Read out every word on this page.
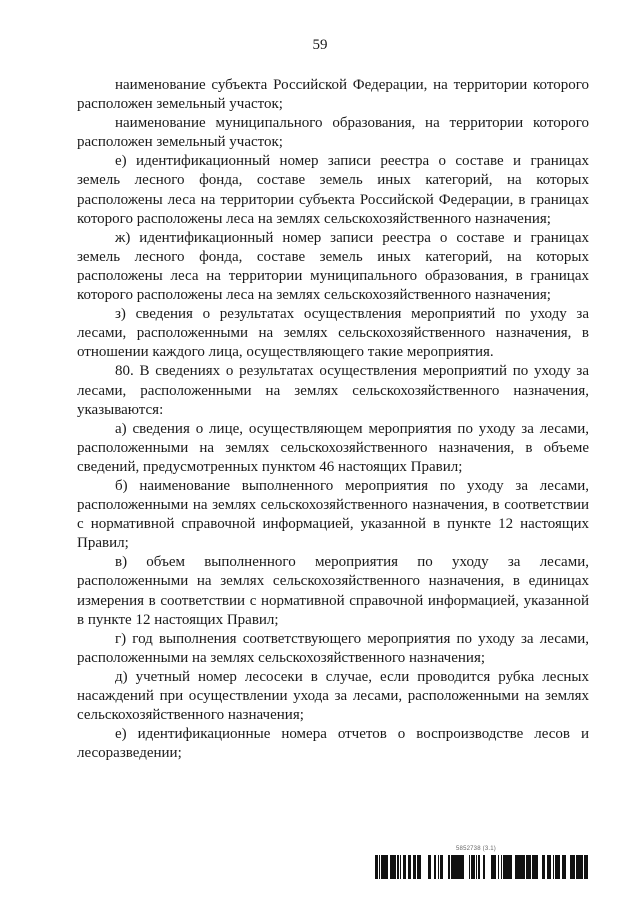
59

наименование субъекта Российской Федерации, на территории которого расположен земельный участок;

наименование муниципального образования, на территории которого расположен земельный участок;

е) идентификационный номер записи реестра о составе и границах земель лесного фонда, составе земель иных категорий, на которых расположены леса на территории субъекта Российской Федерации, в границах которого расположены леса на землях сельскохозяйственного назначения;

ж) идентификационный номер записи реестра о составе и границах земель лесного фонда, составе земель иных категорий, на которых расположены леса на территории муниципального образования, в границах которого расположены леса на землях сельскохозяйственного назначения;

з) сведения о результатах осуществления мероприятий по уходу за лесами, расположенными на землях сельскохозяйственного назначения, в отношении каждого лица, осуществляющего такие мероприятия.

80. В сведениях о результатах осуществления мероприятий по уходу за лесами, расположенными на землях сельскохозяйственного назначения, указываются:

а) сведения о лице, осуществляющем мероприятия по уходу за лесами, расположенными на землях сельскохозяйственного назначения, в объеме сведений, предусмотренных пунктом 46 настоящих Правил;

б) наименование выполненного мероприятия по уходу за лесами, расположенными на землях сельскохозяйственного назначения, в соответствии с нормативной справочной информацией, указанной в пункте 12 настоящих Правил;

в) объем выполненного мероприятия по уходу за лесами, расположенными на землях сельскохозяйственного назначения, в единицах измерения в соответствии с нормативной справочной информацией, указанной в пункте 12 настоящих Правил;

г) год выполнения соответствующего мероприятия по уходу за лесами, расположенными на землях сельскохозяйственного назначения;

д) учетный номер лесосеки в случае, если проводится рубка лесных насаждений при осуществлении ухода за лесами, расположенными на землях сельскохозяйственного назначения;

е) идентификационные номера отчетов о воспроизводстве лесов и лесоразведении;

5852738 (3.1)
